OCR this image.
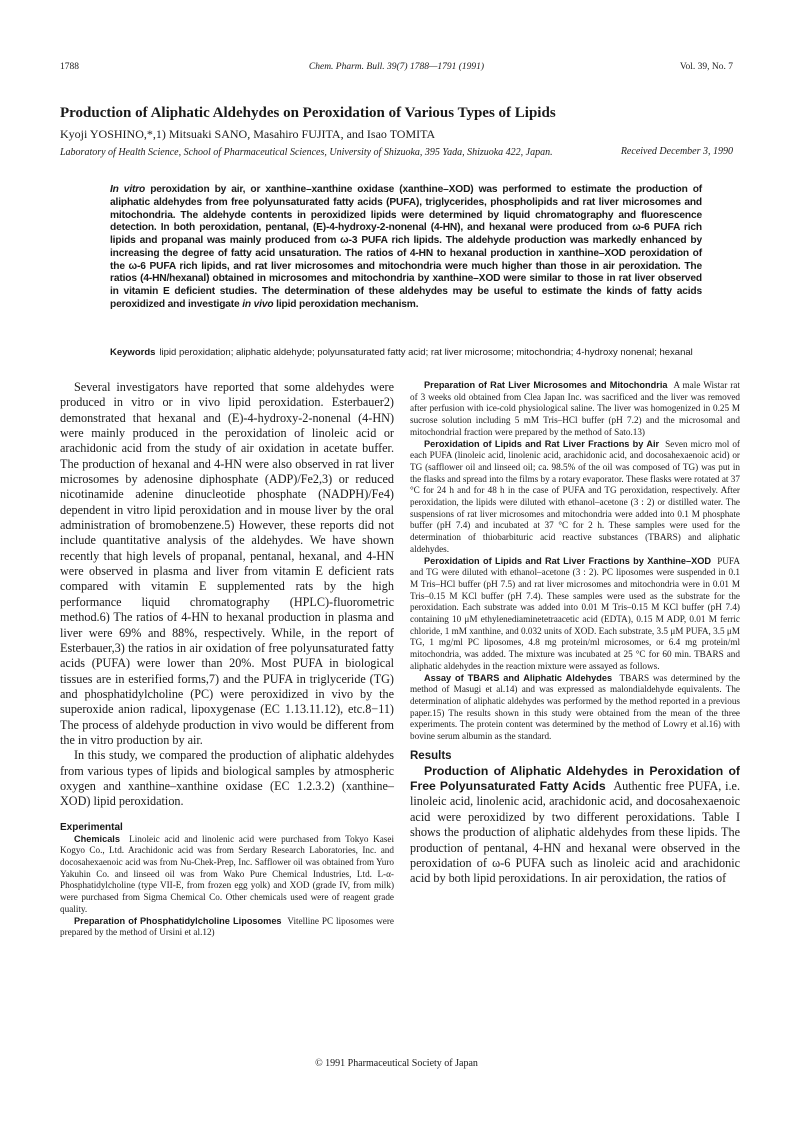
1788	Chem. Pharm. Bull. 39(7) 1788—1791 (1991)	Vol. 39, No. 7
Production of Aliphatic Aldehydes on Peroxidation of Various Types of Lipids
Kyoji YOSHINO,*,1) Mitsuaki SANO, Masahiro FUJITA, and Isao TOMITA
Laboratory of Health Science, School of Pharmaceutical Sciences, University of Shizuoka, 395 Yada, Shizuoka 422, Japan.	Received December 3, 1990
In vitro peroxidation by air, or xanthine–xanthine oxidase (xanthine–XOD) was performed to estimate the production of aliphatic aldehydes from free polyunsaturated fatty acids (PUFA), triglycerides, phospholipids and rat liver microsomes and mitochondria. The aldehyde contents in peroxidized lipids were determined by liquid chromatography and fluorescence detection. In both peroxidation, pentanal, (E)-4-hydroxy-2-nonenal (4-HN), and hexanal were produced from ω-6 PUFA rich lipids and propanal was mainly produced from ω-3 PUFA rich lipids. The aldehyde production was markedly enhanced by increasing the degree of fatty acid unsaturation. The ratios of 4-HN to hexanal production in xanthine–XOD peroxidation of the ω-6 PUFA rich lipids, and rat liver microsomes and mitochondria were much higher than those in air peroxidation. The ratios (4-HN/hexanal) obtained in microsomes and mitochondria by xanthine–XOD were similar to those in rat liver observed in vitamin E deficient studies. The determination of these aldehydes may be useful to estimate the kinds of fatty acids peroxidized and investigate in vivo lipid peroxidation mechanism.
Keywords lipid peroxidation; aliphatic aldehyde; polyunsaturated fatty acid; rat liver microsome; mitochondria; 4-hydroxy nonenal; hexanal

Several investigators have reported that some aldehydes were produced in vitro or in vivo lipid peroxidation. Esterbauer2) demonstrated that hexanal and (E)-4-hydroxy-2-nonenal (4-HN) were mainly produced in the peroxidation of linoleic acid or arachidonic acid from the study of air oxidation in acetate buffer. The production of hexanal and 4-HN were also observed in rat liver microsomes by adenosine diphosphate (ADP)/Fe2,3) or reduced nicotinamide adenine dinucleotide phosphate (NADPH)/Fe4) dependent in vitro lipid peroxidation and in mouse liver by the oral administration of bromobenzene.5) However, these reports did not include quantitative analysis of the aldehydes. We have shown recently that high levels of propanal, pentanal, hexanal, and 4-HN were observed in plasma and liver from vitamin E deficient rats compared with vitamin E supplemented rats by the high performance liquid chromatography (HPLC)-fluorometric method.6) The ratios of 4-HN to hexanal production in plasma and liver were 69% and 88%, respectively. While, in the report of Esterbauer,3) the ratios in air oxidation of free polyunsaturated fatty acids (PUFA) were lower than 20%. Most PUFA in biological tissues are in esterified forms,7) and the PUFA in triglyceride (TG) and phosphatidylcholine (PC) were peroxidized in vivo by the superoxide anion radical, lipoxygenase (EC 1.13.11.12), etc.8−11) The process of aldehyde production in vivo would be different from the in vitro production by air.

In this study, we compared the production of aliphatic aldehydes from various types of lipids and biological samples by atmospheric oxygen and xanthine–xanthine oxidase (EC 1.2.3.2) (xanthine–XOD) lipid peroxidation.

Experimental

Chemicals Linoleic acid and linolenic acid were purchased from Tokyo Kasei Kogyo Co., Ltd. Arachidonic acid was from Serdary Research Laboratories, Inc. and docosahexaenoic acid was from Nu-Chek-Prep, Inc. Safflower oil was obtained from Yuro Yakuhin Co. and linseed oil was from Wako Pure Chemical Industries, Ltd. L-α-Phosphatidylcholine (type VII-E, from frozen egg yolk) and XOD (grade IV, from milk) were purchased from Sigma Chemical Co. Other chemicals used were of reagent grade quality.

Preparation of Phosphatidylcholine Liposomes Vitelline PC liposomes were prepared by the method of Ursini et al.12)

Preparation of Rat Liver Microsomes and Mitochondria A male Wistar rat of 3 weeks old obtained from Clea Japan Inc. was sacrificed and the liver was removed after perfusion with ice-cold physiological saline. The liver was homogenized in 0.25 M sucrose solution including 5 mM Tris–HCl buffer (pH 7.2) and the microsomal and mitochondrial fraction were prepared by the method of Sato.13)

Peroxidation of Lipids and Rat Liver Fractions by Air Seven micro mol of each PUFA (linoleic acid, linolenic acid, arachidonic acid, and docosahexaenoic acid) or TG (safflower oil and linseed oil; ca. 98.5% of the oil was composed of TG) was put in the flasks and spread into the films by a rotary evaporator. These flasks were rotated at 37 °C for 24 h and for 48 h in the case of PUFA and TG peroxidation, respectively. After peroxidation, the lipids were diluted with ethanol–acetone (3 : 2) or distilled water. The suspensions of rat liver microsomes and mitochondria were added into 0.1 M phosphate buffer (pH 7.4) and incubated at 37 °C for 2 h. These samples were used for the determination of thiobarbituric acid reactive substances (TBARS) and aliphatic aldehydes.

Peroxidation of Lipids and Rat Liver Fractions by Xanthine–XOD PUFA and TG were diluted with ethanol–acetone (3 : 2). PC liposomes were suspended in 0.1 M Tris–HCl buffer (pH 7.5) and rat liver microsomes and mitochondria were in 0.01 M Tris–0.15 M KCl buffer (pH 7.4). These samples were used as the substrate for the peroxidation. Each substrate was added into 0.01 M Tris–0.15 M KCl buffer (pH 7.4) containing 10 μM ethylenediaminetetraacetic acid (EDTA), 0.15 M ADP, 0.01 M ferric chloride, 1 mM xanthine, and 0.032 units of XOD. Each substrate, 3.5 μM PUFA, 3.5 μM TG, 1 mg/ml PC liposomes, 4.8 mg protein/ml microsomes, or 6.4 mg protein/ml mitochondria, was added. The mixture was incubated at 25 °C for 60 min. TBARS and aliphatic aldehydes in the reaction mixture were assayed as follows.

Assay of TBARS and Aliphatic Aldehydes TBARS was determined by the method of Masugi et al.14) and was expressed as malondialdehyde equivalents. The determination of aliphatic aldehydes was performed by the method reported in a previous paper.15) The results shown in this study were obtained from the mean of the three experiments. The protein content was determined by the method of Lowry et al.16) with bovine serum albumin as the standard.

Results

Production of Aliphatic Aldehydes in Peroxidation of Free Polyunsaturated Fatty Acids Authentic free PUFA, i.e. linoleic acid, linolenic acid, arachidonic acid, and docosahexaenoic acid were peroxidized by two different peroxidations. Table I shows the production of aliphatic aldehydes from these lipids. The production of pentanal, 4-HN and hexanal were observed in the peroxidation of ω-6 PUFA such as linoleic acid and arachidonic acid by both lipid peroxidations. In air peroxidation, the ratios of

© 1991 Pharmaceutical Society of Japan
